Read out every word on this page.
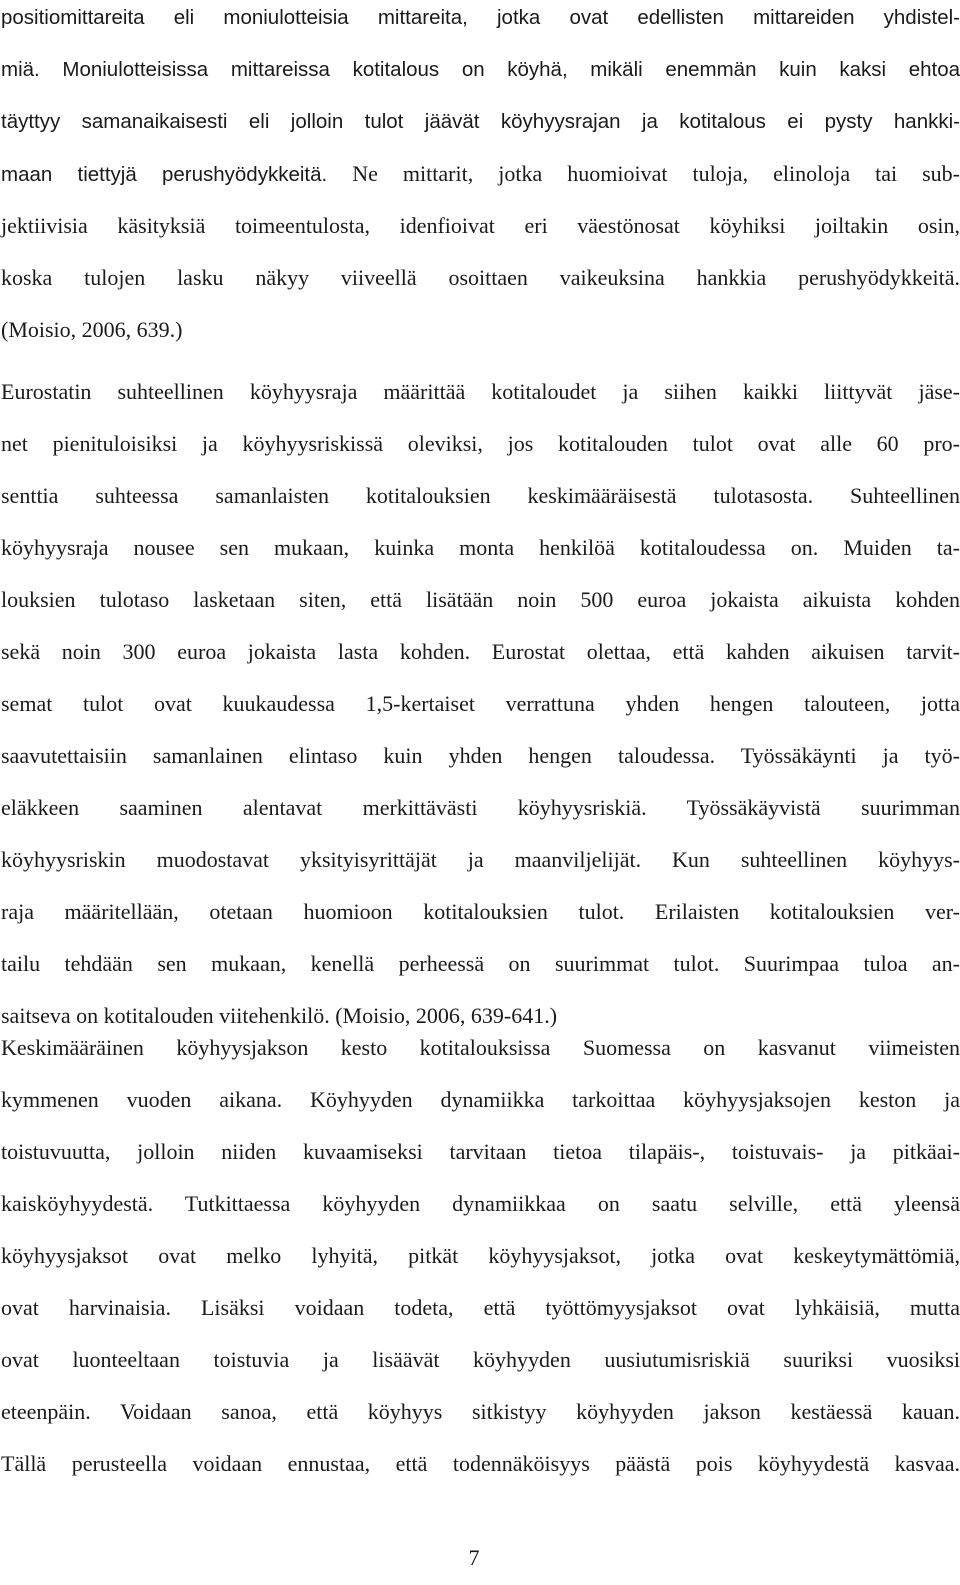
positiomittareita eli moniulotteisia mittareita, jotka ovat edellisten mittareiden yhdistel-
miä. Moniulotteisissa mittareissa kotitalous on köyhä, mikäli enemmän kuin kaksi ehtoa
täyttyy samanaikaisesti eli jolloin tulot jäävät köyhyysrajan ja kotitalous ei pysty hankki-
maan tiettyjä perushyödykkeitä. Ne mittarit, jotka huomioivat tuloja, elinoloja tai sub-
jektiivisia käsityksiä toimeentulosta, idenfioivat eri väestönosat köyhiksi joiltakin osin,
koska tulojen lasku näkyy viiveellä osoittaen vaikeuksina hankkia perushyödykkeitä.
(Moisio, 2006, 639.)
Eurostatin suhteellinen köyhyysraja määrittää kotitaloudet ja siihen kaikki liittyvät jäse-
net pienituloisiksi ja köyhyysriskissä oleviksi, jos kotitalouden tulot ovat alle 60 pro-
senttia suhteessa samanlaisten kotitalouksien keskimääräisestä tulotasosta. Suhteellinen
köyhyysraja nousee sen mukaan, kuinka monta henkilöä kotitaloudessa on. Muiden ta-
louksien tulotaso lasketaan siten, että lisätään noin 500 euroa jokaista aikuista kohden
sekä noin 300 euroa jokaista lasta kohden. Eurostat olettaa, että kahden aikuisen tarvit-
semat tulot ovat kuukaudessa 1,5-kertaiset verrattuna yhden hengen talouteen, jotta
saavutettaisiin samanlainen elintaso kuin yhden hengen taloudessa. Työssäkäynti ja työ-
eläkkeen saaminen alentavat merkittävästi köyhyysriskiä. Työssäkäyvistä suurimman
köyhyysriskin muodostavat yksityisyrittäjät ja maanviljelijät. Kun suhteellinen köyhyys-
raja määritellään, otetaan huomioon kotitalouksien tulot. Erilaisten kotitalouksien ver-
tailu tehdään sen mukaan, kenellä perheessä on suurimmat tulot. Suurimpaa tuloa an-
saitseva on kotitalouden viitehenkilö. (Moisio, 2006, 639-641.)
Keskimääräinen köyhyysjakson kesto kotitalouksissa Suomessa on kasvanut viimeisten
kymmenen vuoden aikana. Köyhyyden dynamiikka tarkoittaa köyhyysjaksojen keston ja
toistuvuutta, jolloin niiden kuvaamiseksi tarvitaan tietoa tilapäis-, toistuvais- ja pitkäai-
kaisköyhyydestä. Tutkittaessa köyhyyden dynamiikkaa on saatu selville, että yleensä
köyhyysjaksot ovat melko lyhyitä, pitkät köyhyysjaksot, jotka ovat keskeytymättömiä,
ovat harvinaisia. Lisäksi voidaan todeta, että työttömyysjaksot ovat lyhkäisiä, mutta
ovat luonteeltaan toistuvia ja lisäävät köyhyyden uusiutumisriskiä suuriksi vuosiksi
eteenpäin. Voidaan sanoa, että köyhyys sitkistyy köyhyyden jakson kestäessä kauan.
Tällä perusteella voidaan ennustaa, että todennäköisyys päästä pois köyhyydestä kasvaa.
7
